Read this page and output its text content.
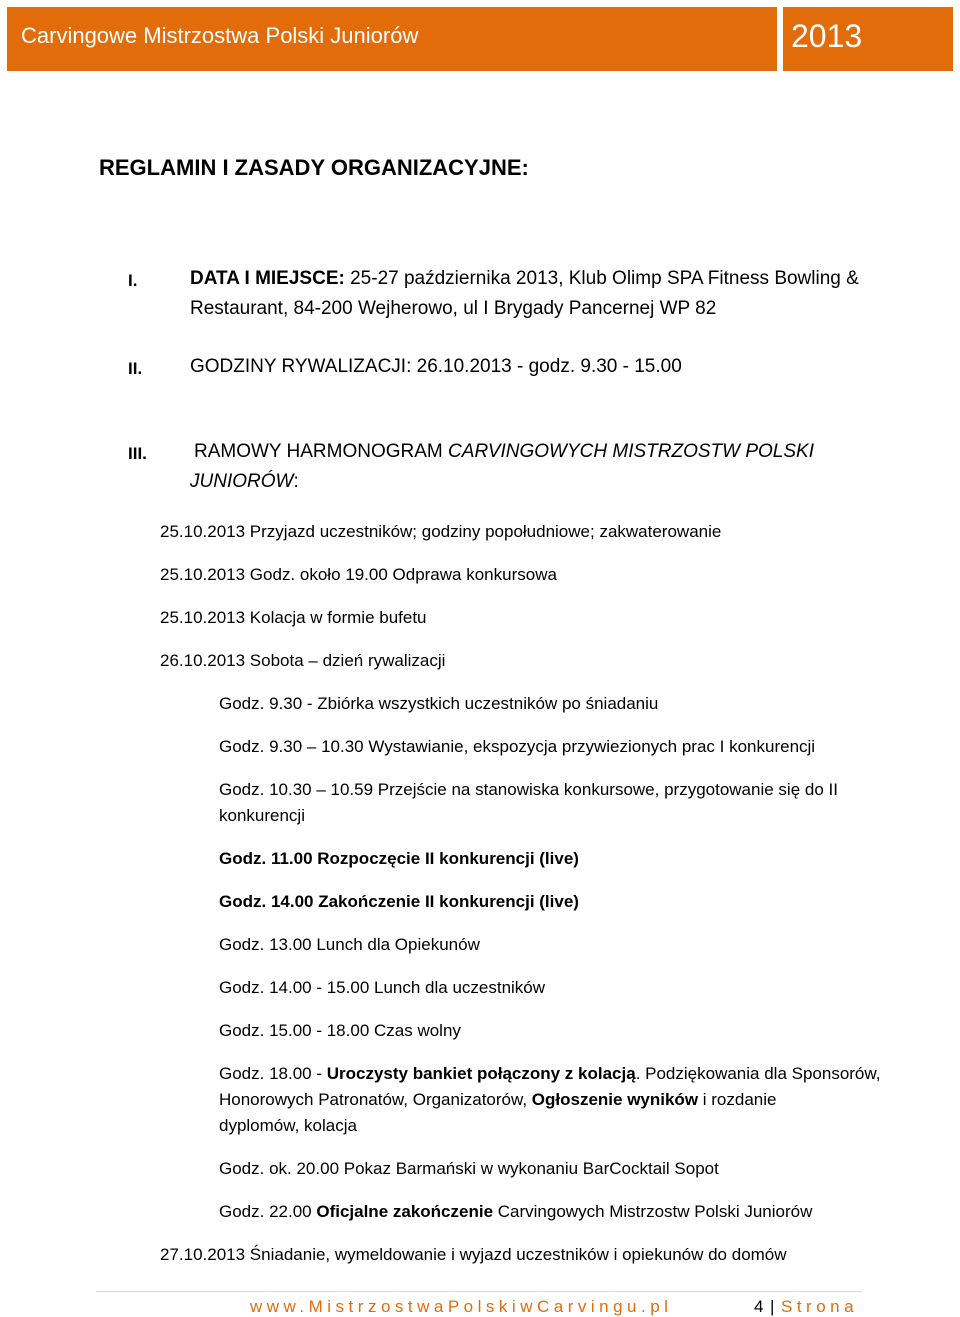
Carvingowe Mistrzostwa Polski Juniorów	2013
REGLAMIN I ZASADY ORGANIZACYJNE:
I.	DATA I MIEJSCE: 25-27 października 2013, Klub Olimp SPA Fitness Bowling &
Restaurant, 84-200 Wejherowo, ul I Brygady Pancernej WP 82
II.	GODZINY RYWALIZACJI: 26.10.2013 - godz. 9.30 - 15.00
III. RAMOWY HARMONOGRAM CARVINGOWYCH MISTRZOSTW POLSKI
JUNIORÓW:
25.10.2013 Przyjazd uczestników; godziny popołudniowe; zakwaterowanie
25.10.2013 Godz. około 19.00 Odprawa konkursowa
25.10.2013 Kolacja w formie bufetu
26.10.2013 Sobota – dzień rywalizacji
Godz. 9.30 - Zbiórka wszystkich uczestników po śniadaniu
Godz. 9.30 – 10.30 Wystawianie, ekspozycja przywiezionych prac I konkurencji
Godz. 10.30 – 10.59 Przejście na stanowiska konkursowe, przygotowanie się do II
konkurencji
Godz. 11.00 Rozpoczęcie II konkurencji (live)
Godz. 14.00 Zakończenie II konkurencji (live)
Godz. 13.00 Lunch dla Opiekunów
Godz. 14.00 - 15.00 Lunch dla uczestników
Godz. 15.00 - 18.00 Czas wolny
Godz. 18.00 - Uroczysty bankiet połączony z kolacją. Podziękowania dla Sponsorów,
Honorowych Patronatów, Organizatorów, Ogłoszenie wyników i rozdanie
dyplomów, kolacja
Godz. ok. 20.00 Pokaz Barmański w wykonaniu BarCocktail Sopot
Godz. 22.00 Oficjalne zakończenie Carvingowych Mistrzostw Polski Juniorów
27.10.2013 Śniadanie, wymeldowanie i wyjazd uczestników i opiekunów do domów
www.MistrzostwaPolskiwCarvingu.pl	4 | Strona
